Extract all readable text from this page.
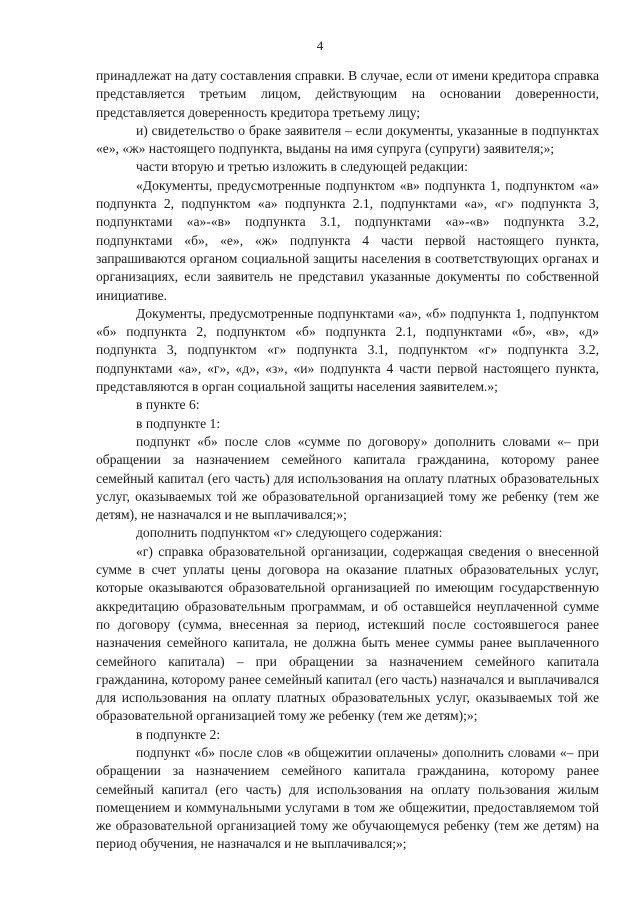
4

принадлежат на дату составления справки. В случае, если от имени кредитора справка представляется третьим лицом, действующим на основании доверенности, представляется доверенность кредитора третьему лицу;

и) свидетельство о браке заявителя – если документы, указанные в подпунктах «е», «ж» настоящего подпункта, выданы на имя супруга (супруги) заявителя;»;

части вторую и третью изложить в следующей редакции:

«Документы, предусмотренные подпунктом «в» подпункта 1, подпунктом «а» подпункта 2, подпунктом «а» подпункта 2.1, подпунктами «а», «г» подпункта 3, подпунктами «а»-«в» подпункта 3.1, подпунктами «а»-«в» подпункта 3.2, подпунктами «б», «е», «ж» подпункта 4 части первой настоящего пункта, запрашиваются органом социальной защиты населения в соответствующих органах и организациях, если заявитель не представил указанные документы по собственной инициативе.

Документы, предусмотренные подпунктами «а», «б» подпункта 1, подпунктом «б» подпункта 2, подпунктом «б» подпункта 2.1, подпунктами «б», «в», «д» подпункта 3, подпунктом «г» подпункта 3.1, подпунктом «г» подпункта 3.2, подпунктами «а», «г», «д», «з», «и» подпункта 4 части первой настоящего пункта, представляются в орган социальной защиты населения заявителем.»;

в пункте 6:

в подпункте 1:

подпункт «б» после слов «сумме по договору» дополнить словами «– при обращении за назначением семейного капитала гражданина, которому ранее семейный капитал (его часть) для использования на оплату платных образовательных услуг, оказываемых той же образовательной организацией тому же ребенку (тем же детям), не назначался и не выплачивался;»;

дополнить подпунктом «г» следующего содержания:

«г) справка образовательной организации, содержащая сведения о внесенной сумме в счет уплаты цены договора на оказание платных образовательных услуг, которые оказываются образовательной организацией по имеющим государственную аккредитацию образовательным программам, и об оставшейся неуплаченной сумме по договору (сумма, внесенная за период, истекший после состоявшегося ранее назначения семейного капитала, не должна быть менее суммы ранее выплаченного семейного капитала) – при обращении за назначением семейного капитала гражданина, которому ранее семейный капитал (его часть) назначался и выплачивался для использования на оплату платных образовательных услуг, оказываемых той же образовательной организацией тому же ребенку (тем же детям);»;

в подпункте 2:

подпункт «б» после слов «в общежитии оплачены» дополнить словами «– при обращении за назначением семейного капитала гражданина, которому ранее семейный капитал (его часть) для использования на оплату пользования жилым помещением и коммунальными услугами в том же общежитии, предоставляемом той же образовательной организацией тому же обучающемуся ребенку (тем же детям) на период обучения, не назначался и не выплачивался;»;
